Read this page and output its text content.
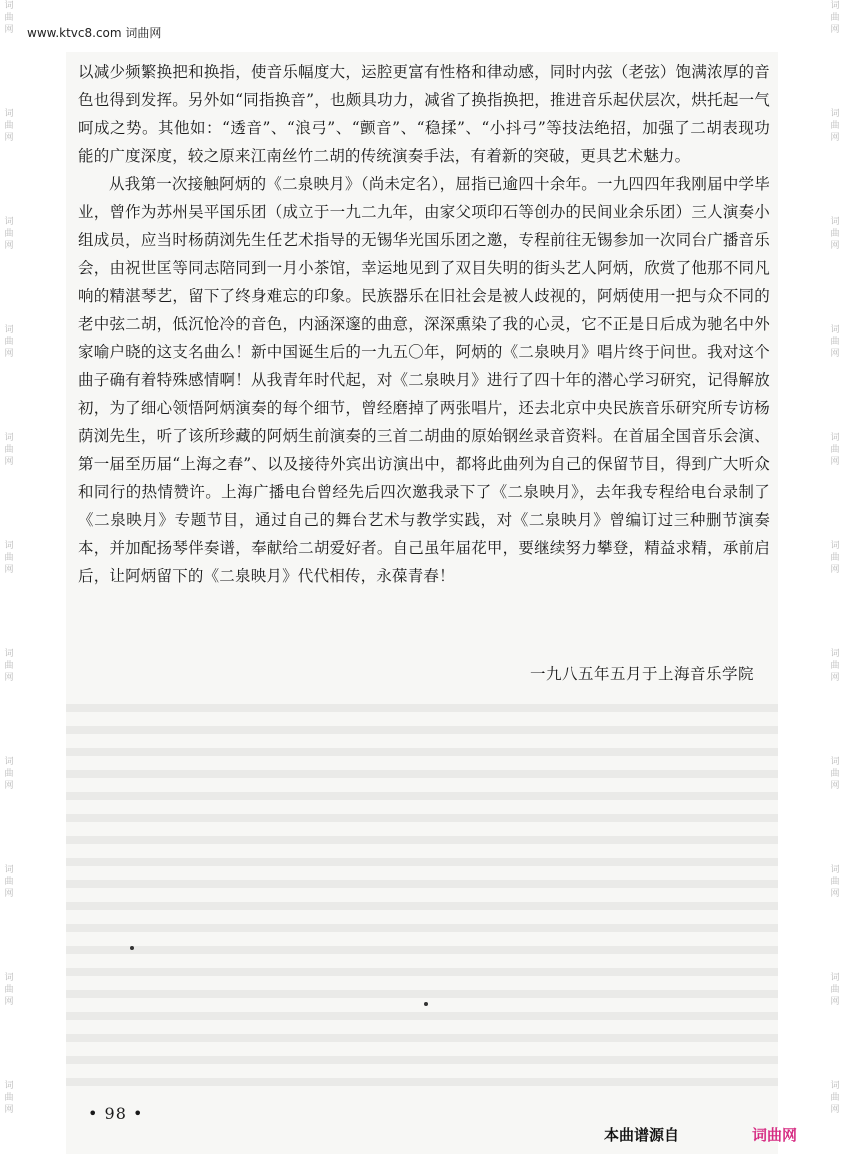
词
曲
网
词
曲
网
词
曲
网
词
曲
网
词
曲
网
词
曲
网
词
曲
网
词
曲
网
词
曲
网
词
曲
网
词
曲
网
词
曲
网
词
曲
网
词
曲
网
词
曲
网
词
曲
网
词
曲
网
词
曲
网
词
曲
网
词
曲
网
词
曲
网
词
曲
网
www.ktvc8.com 词曲网

以减少频繁换把和换指，使音乐幅度大，运腔更富有性格和律动感，同时内弦（老弦）饱满浓厚的音色也得到发挥。另外如“同指换音”，也颇具功力，减省了换指换把，推进音乐起伏层次，烘托起一气呵成之势。其他如：“透音”、“浪弓”、“颤音”、“稳揉”、“小抖弓”等技法绝招，加强了二胡表现功能的广度深度，较之原来江南丝竹二胡的传统演奏手法，有着新的突破，更具艺术魅力。

从我第一次接触阿炳的《二泉映月》（尚未定名），屈指已逾四十余年。一九四四年我刚届中学毕业，曾作为苏州吴平国乐团（成立于一九二九年，由家父项印石等创办的民间业余乐团）三人演奏小组成员，应当时杨荫浏先生任艺术指导的无锡华光国乐团之邀，专程前往无锡参加一次同台广播音乐会，由祝世匡等同志陪同到一月小茶馆，幸运地见到了双目失明的街头艺人阿炳，欣赏了他那不同凡响的精湛琴艺，留下了终身难忘的印象。民族器乐在旧社会是被人歧视的，阿炳使用一把与众不同的老中弦二胡，低沉怆冷的音色，内涵深邃的曲意，深深熏染了我的心灵，它不正是日后成为驰名中外家喻户晓的这支名曲么！新中国诞生后的一九五〇年，阿炳的《二泉映月》唱片终于问世。我对这个曲子确有着特殊感情啊！从我青年时代起，对《二泉映月》进行了四十年的潜心学习研究，记得解放初，为了细心领悟阿炳演奏的每个细节，曾经磨掉了两张唱片，还去北京中央民族音乐研究所专访杨荫浏先生，听了该所珍藏的阿炳生前演奏的三首二胡曲的原始钢丝录音资料。在首届全国音乐会演、第一届至历届“上海之春”、以及接待外宾出访演出中，都将此曲列为自己的保留节目，得到广大听众和同行的热情赞许。上海广播电台曾经先后四次邀我录下了《二泉映月》，去年我专程给电台录制了《二泉映月》专题节目，通过自己的舞台艺术与教学实践，对《二泉映月》曾编订过三种删节演奏本，并加配扬琴伴奏谱，奉献给二胡爱好者。自己虽年届花甲，要继续努力攀登，精益求精，承前启后，让阿炳留下的《二泉映月》代代相传，永葆青春！

一九八五年五月于上海音乐学院
• 98 •
本曲谱源自	词曲网
